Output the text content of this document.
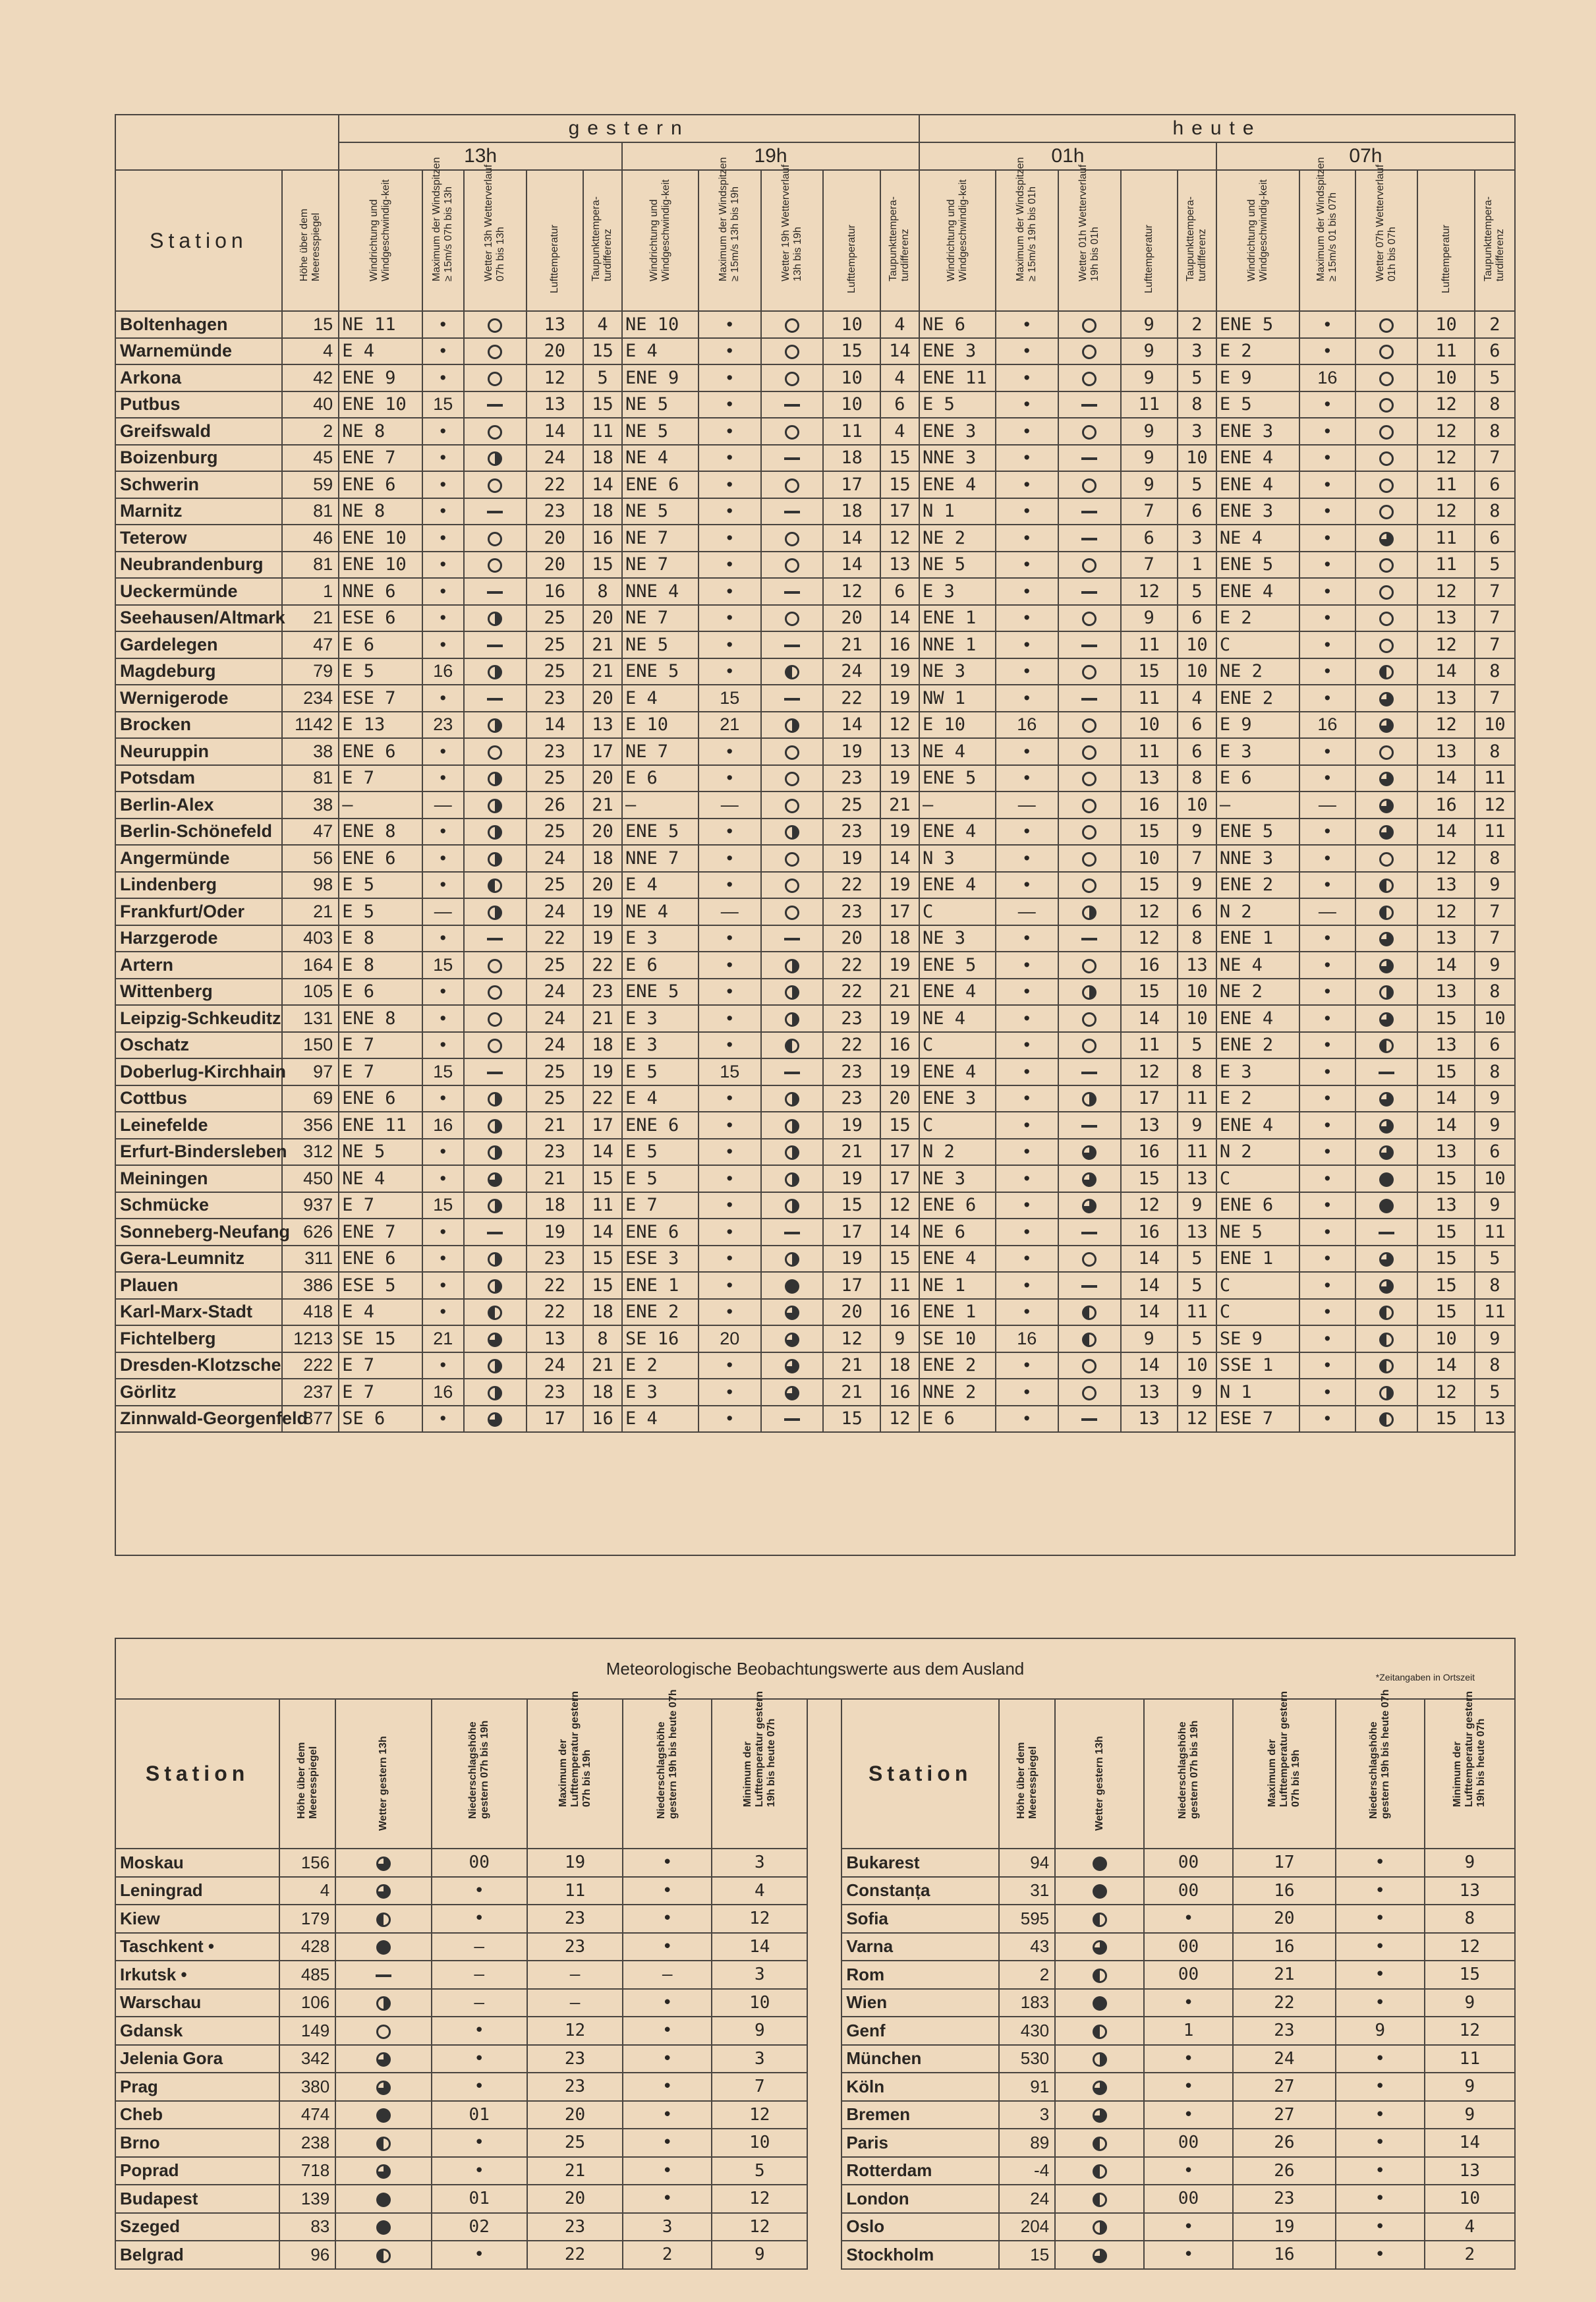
		gestern										heute									
		13h					19h					01h					07h				
Station	Höhe über dem Meeresspiegel	Windrichtung und Windgeschwindig-keit	Maximum der Windspitzen ≥ 15m/s 07h bis 13h	Wetter 13h Wetterverlauf 07h bis 13h	Lufttemperatur	Taupunkttempera-turdifferenz	Windrichtung und Windgeschwindig-keit	Maximum der Windspitzen ≥ 15m/s 13h bis 19h	Wetter 19h Wetterverlauf 13h bis 19h	Lufttemperatur	Taupunkttempera-turdifferenz	Windrichtung und Windgeschwindig-keit	Maximum der Windspitzen ≥ 15m/s 19h bis 01h	Wetter 01h Wetterverlauf 19h bis 01h	Lufttemperatur	Taupunkttempera-turdifferenz	Windrichtung und Windgeschwindig-keit	Maximum der Windspitzen ≥ 15m/s 01 bis 07h	Wetter 07h Wetterverlauf 01h bis 07h	Lufttemperatur	Taupunkttempera-turdifferenz

Boltenhagen	15	NE 11	•		13	4	NE 10	•		10	4	NE 6	•		9	2	ENE 5	•		10	2
Warnemünde	4	E 4	•		20	15	E 4	•		15	14	ENE 3	•		9	3	E 2	•		11	6
Arkona	42	ENE 9	•		12	5	ENE 9	•		10	4	ENE 11	•		9	5	E 9	16		10	5
Putbus	40	ENE 10	15		13	15	NE 5	•		10	6	E 5	•		11	8	E 5	•		12	8
Greifswald	2	NE 8	•		14	11	NE 5	•		11	4	ENE 3	•		9	3	ENE 3	•		12	8
Boizenburg	45	ENE 7	•		24	18	NE 4	•		18	15	NNE 3	•		9	10	ENE 4	•		12	7
Schwerin	59	ENE 6	•		22	14	ENE 6	•		17	15	ENE 4	•		9	5	ENE 4	•		11	6
Marnitz	81	NE 8	•		23	18	NE 5	•		18	17	N 1	•		7	6	ENE 3	•		12	8
Teterow	46	ENE 10	•		20	16	NE 7	•		14	12	NE 2	•		6	3	NE 4	•		11	6
Neubrandenburg	81	ENE 10	•		20	15	NE 7	•		14	13	NE 5	•		7	1	ENE 5	•		11	5
Ueckermünde	1	NNE 6	•		16	8	NNE 4	•		12	6	E 3	•		12	5	ENE 4	•		12	7
Seehausen/Altmark	21	ESE 6	•		25	20	NE 7	•		20	14	ENE 1	•		9	6	E 2	•		13	7
Gardelegen	47	E 6	•		25	21	NE 5	•		21	16	NNE 1	•		11	10	C	•		12	7
Magdeburg	79	E 5	16		25	21	ENE 5	•		24	19	NE 3	•		15	10	NE 2	•		14	8
Wernigerode	234	ESE 7	•		23	20	E 4	15		22	19	NW 1	•		11	4	ENE 2	•		13	7
Brocken	1142	E 13	23		14	13	E 10	21		14	12	E 10	16		10	6	E 9	16		12	10
Neuruppin	38	ENE 6	•		23	17	NE 7	•		19	13	NE 4	•		11	6	E 3	•		13	8
Potsdam	81	E 7	•		25	20	E 6	•		23	19	ENE 5	•		13	8	E 6	•		14	11
Berlin-Alex	38	—	—		26	21	—	—		25	21	—	—		16	10	—	—		16	12
Berlin-Schönefeld	47	ENE 8	•		25	20	ENE 5	•		23	19	ENE 4	•		15	9	ENE 5	•		14	11
Angermünde	56	ENE 6	•		24	18	NNE 7	•		19	14	N 3	•		10	7	NNE 3	•		12	8
Lindenberg	98	E 5	•		25	20	E 4	•		22	19	ENE 4	•		15	9	ENE 2	•		13	9
Frankfurt/Oder	21	E 5	—		24	19	NE 4	—		23	17	C	—		12	6	N 2	—		12	7
Harzgerode	403	E 8	•		22	19	E 3	•		20	18	NE 3	•		12	8	ENE 1	•		13	7
Artern	164	E 8	15		25	22	E 6	•		22	19	ENE 5	•		16	13	NE 4	•		14	9
Wittenberg	105	E 6	•		24	23	ENE 5	•		22	21	ENE 4	•		15	10	NE 2	•		13	8
Leipzig-Schkeuditz	131	ENE 8	•		24	21	E 3	•		23	19	NE 4	•		14	10	ENE 4	•		15	10
Oschatz	150	E 7	•		24	18	E 3	•		22	16	C	•		11	5	ENE 2	•		13	6
Doberlug-Kirchhain	97	E 7	15		25	19	E 5	15		23	19	ENE 4	•		12	8	E 3	•		15	8
Cottbus	69	ENE 6	•		25	22	E 4	•		23	20	ENE 3	•		17	11	E 2	•		14	9
Leinefelde	356	ENE 11	16		21	17	ENE 6	•		19	15	C	•		13	9	ENE 4	•		14	9
Erfurt-Bindersleben	312	NE 5	•		23	14	E 5	•		21	17	N 2	•		16	11	N 2	•		13	6
Meiningen	450	NE 4	•		21	15	E 5	•		19	17	NE 3	•		15	13	C	•		15	10
Schmücke	937	E 7	15		18	11	E 7	•		15	12	ENE 6	•		12	9	ENE 6	•		13	9
Sonneberg-Neufang	626	ENE 7	•		19	14	ENE 6	•		17	14	NE 6	•		16	13	NE 5	•		15	11
Gera-Leumnitz	311	ENE 6	•		23	15	ESE 3	•		19	15	ENE 4	•		14	5	ENE 1	•		15	5
Plauen	386	ESE 5	•		22	15	ENE 1	•		17	11	NE 1	•		14	5	C	•		15	8
Karl-Marx-Stadt	418	E 4	•		22	18	ENE 2	•		20	16	ENE 1	•		14	11	C	•		15	11
Fichtelberg	1213	SE 15	21		13	8	SE 16	20		12	9	SE 10	16		9	5	SE 9	•		10	9
Dresden-Klotzsche	222	E 7	•		24	21	E 2	•		21	18	ENE 2	•		14	10	SSE 1	•		14	8
Görlitz	237	E 7	16		23	18	E 3	•		21	16	NNE 2	•		13	9	N 1	•		12	5
Zinnwald-Georgenfeld	877	SE 6	•		17	16	E 4	•		15	12	E 6	•		13	12	ESE 7	•		15	13

Meteorologische Beobachtungswerte aus dem Ausland *Zeitangaben in Ortszeit														

Station	Höhe über dem Meeresspiegel	Wetter gestern 13h	Niederschlagshöhe gestern 07h bis 19h	Maximum der Lufttemperatur gestern 07h bis 19h	Niederschlagshöhe gestern 19h bis heute 07h	Minimum der Lufttemperatur gestern 19h bis heute 07h		Station	Höhe über dem Meeresspiegel	Wetter gestern 13h	Niederschlagshöhe gestern 07h bis 19h	Maximum der Lufttemperatur gestern 07h bis 19h	Niederschlagshöhe gestern 19h bis heute 07h	Minimum der Lufttemperatur gestern 19h bis heute 07h

Moskau	156		00	19	•	3		Bukarest	94		00	17	•	9
Leningrad	4		•	11	•	4		Constanța	31		00	16	•	13
Kiew	179		•	23	•	12		Sofia	595		•	20	•	8
Taschkent •	428		—	23	•	14		Varna	43		00	16	•	12
Irkutsk •	485		—	—	—	3		Rom	2		00	21	•	15
Warschau	106		—	—	•	10		Wien	183		•	22	•	9
Gdansk	149		•	12	•	9		Genf	430		1	23	9	12
Jelenia Gora	342		•	23	•	3		München	530		•	24	•	11
Prag	380		•	23	•	7		Köln	91		•	27	•	9
Cheb	474		01	20	•	12		Bremen	3		•	27	•	9
Brno	238		•	25	•	10		Paris	89		00	26	•	14
Poprad	718		•	21	•	5		Rotterdam	-4		•	26	•	13
Budapest	139		01	20	•	12		London	24		00	23	•	10
Szeged	83		02	23	3	12		Oslo	204		•	19	•	4
Belgrad	96		•	22	2	9		Stockholm	15		•	16	•	2
